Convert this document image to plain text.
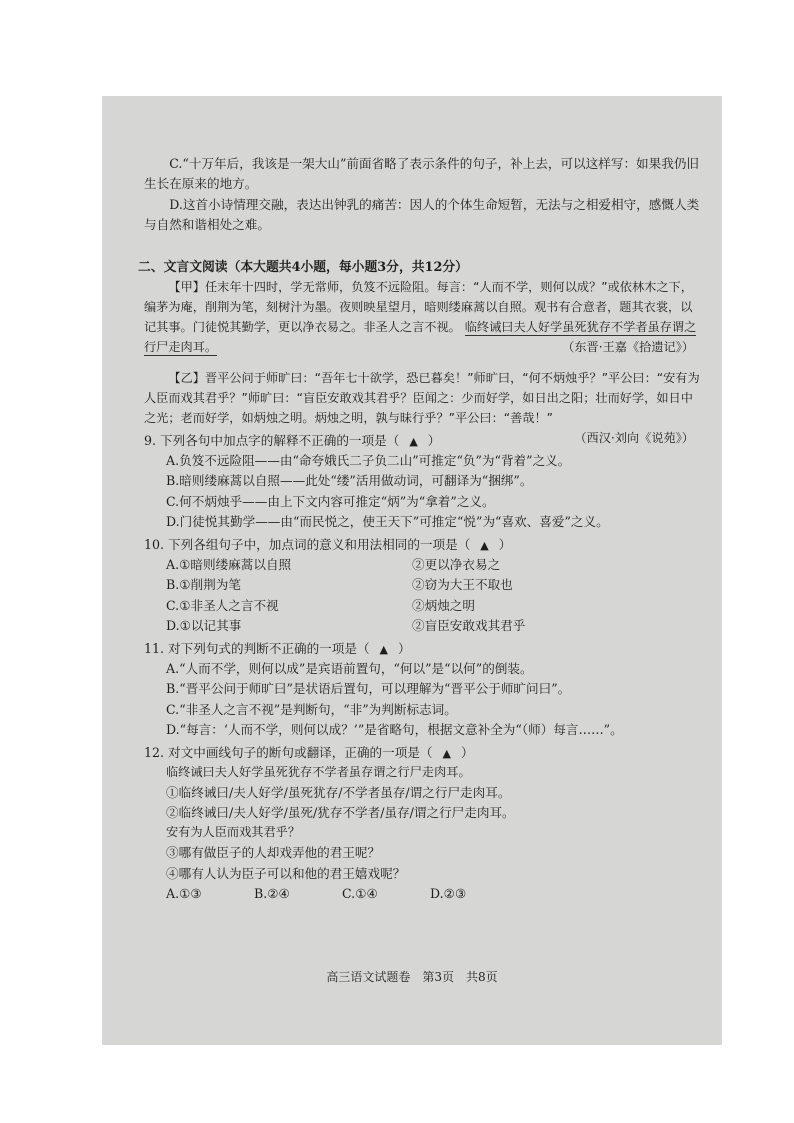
C.“十万年后，我该是一架大山”前面省略了表示条件的句子，补上去，可以这样写：如果我仍旧生长在原来的地方。

D.这首小诗情理交融，表达出钟乳的痛苦：因人的个体生命短暂，无法与之相爱相守，感慨人类与自然和谐相处之难。

二、文言文阅读（本大题共4小题，每小题3分，共12分）

【甲】任末年十四时，学无常师，负笈不远险阻。每言：“人而不学，则何以成？”或依林木之下，编茅为庵，削荆为笔，刻树汁为墨。夜则映星望月，暗则缕麻蒿以自照。观书有合意者，题其衣裳，以记其事。门徒悦其勤学，更以净衣易之。非圣人之言不视。 临终诫曰夫人好学虽死犹存不学者虽存谓之行尸走肉耳。	（东晋·王嘉《拾遗记》）

【乙】晋平公问于师旷曰：“吾年七十欲学，恐已暮矣！”师旷曰，“何不炳烛乎？”平公曰：“安有为人臣而戏其君乎？”师旷曰：“盲臣安敢戏其君乎？臣闻之：少而好学，如日出之阳；壮而好学，如日中之光；老而好学，如炳烛之明。炳烛之明，孰与昧行乎？”平公曰：“善哉！”
（西汉·刘向《说苑》）

9. 下列各句中加点字的解释不正确的一项是（ ▲ ）
A.负笈不远险阻——由“命夸娥氏二子负二山”可推定“负”为“背着”之义。
B.暗则缕麻蒿以自照——此处“缕”活用做动词，可翻译为“捆绑”。
C.何不炳烛乎——由上下文内容可推定“炳”为“拿着”之义。
D.门徒悦其勤学——由“而民悦之，使王天下”可推定“悦”为“喜欢、喜爱”之义。
10. 下列各组句子中，加点词的意义和用法相同的一项是（ ▲ ）
A.①暗则缕麻蒿以自照	②更以净衣易之
B.①削荆为笔	②窃为大王不取也
C.①非圣人之言不视	②炳烛之明
D.①以记其事	②盲臣安敢戏其君乎
11. 对下列句式的判断不正确的一项是（ ▲ ）
A.“人而不学，则何以成”是宾语前置句，“何以”是“以何”的倒装。
B.“晋平公问于师旷曰”是状语后置句，可以理解为“晋平公于师旷问曰”。
C.“非圣人之言不视”是判断句，“非”为判断标志词。
D.“每言：‘人而不学，则何以成？’”是省略句，根据文意补全为“（师）每言……”。
12. 对文中画线句子的断句或翻译，正确的一项是（ ▲ ）
临终诫曰夫人好学虽死犹存不学者虽存谓之行尸走肉耳。
①临终诫曰/夫人好学/虽死犹存/不学者虽存/谓之行尸走肉耳。
②临终诫曰/夫人好学/虽死/犹存不学者/虽存/谓之行尸走肉耳。
安有为人臣而戏其君乎？
③哪有做臣子的人却戏弄他的君王呢？
④哪有人认为臣子可以和他的君王嬉戏呢？
A.①③	B.②④	C.①④	D.②③
高三语文试题卷　第3页　共8页
